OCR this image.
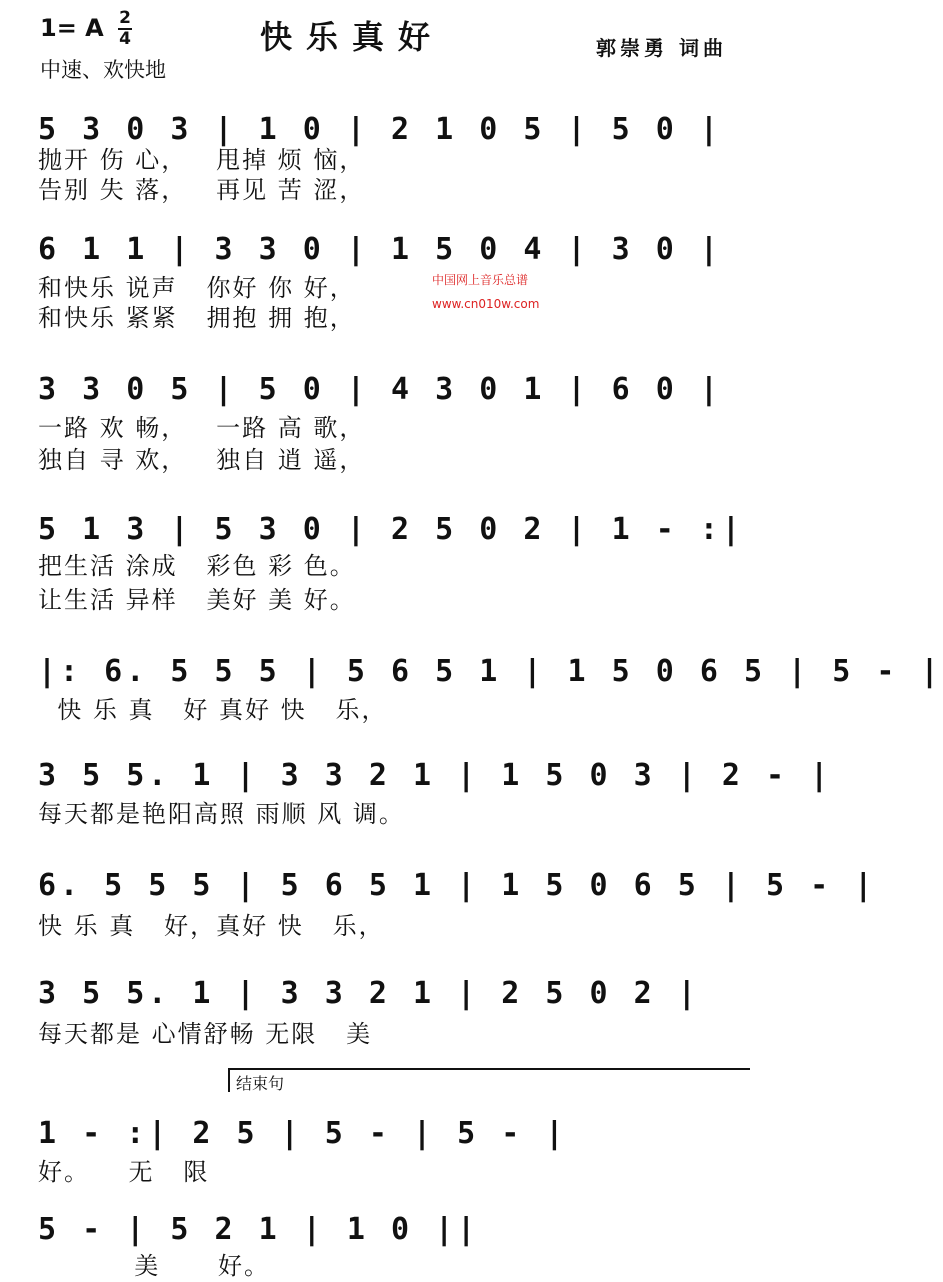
1= A 2
4	快乐真好	郭崇勇 词曲
中速、欢快地
中国网上音乐总谱
www.cn010w.com
5 3 0 3 | 1 0 | 2 1 0 5 | 5 0 |
抛开 伤 心，   甩掉 烦 恼，
告别 失 落，   再见 苦 涩，
6 1 1 | 3 3 0 | 1 5 0 4 | 3 0 |
和快乐 说声   你好 你 好，
和快乐 紧紧   拥抱 拥 抱，
3 3 0 5 | 5 0 | 4 3 0 1 | 6 0 |
一路 欢 畅，   一路 高 歌，
独自 寻 欢，   独自 逍 遥，
5 1 3 | 5 3 0 | 2 5 0 2 | 1 - :|
把生活 涂成   彩色 彩 色。
让生活 异样   美好 美 好。
|: 6. 5 5 5 | 5 6 5 1 | 1 5 0 6 5 | 5 - |
快 乐 真   好 真好 快   乐，
3 5 5. 1 | 3 3 2 1 | 1 5 0 3 | 2 - |
每天都是艳阳高照 雨顺 风 调。
6. 5 5 5 | 5 6 5 1 | 1 5 0 6 5 | 5 - |
快 乐 真   好，真好 快   乐，
3 5 5. 1 | 3 3 2 1 | 2 5 0 2 |
每天都是 心情舒畅 无限   美
结束句
1 - :| 2 5 | 5 - | 5 - |
好。    无   限
5 - | 5 2 1 | 1 0 ||
美      好。
